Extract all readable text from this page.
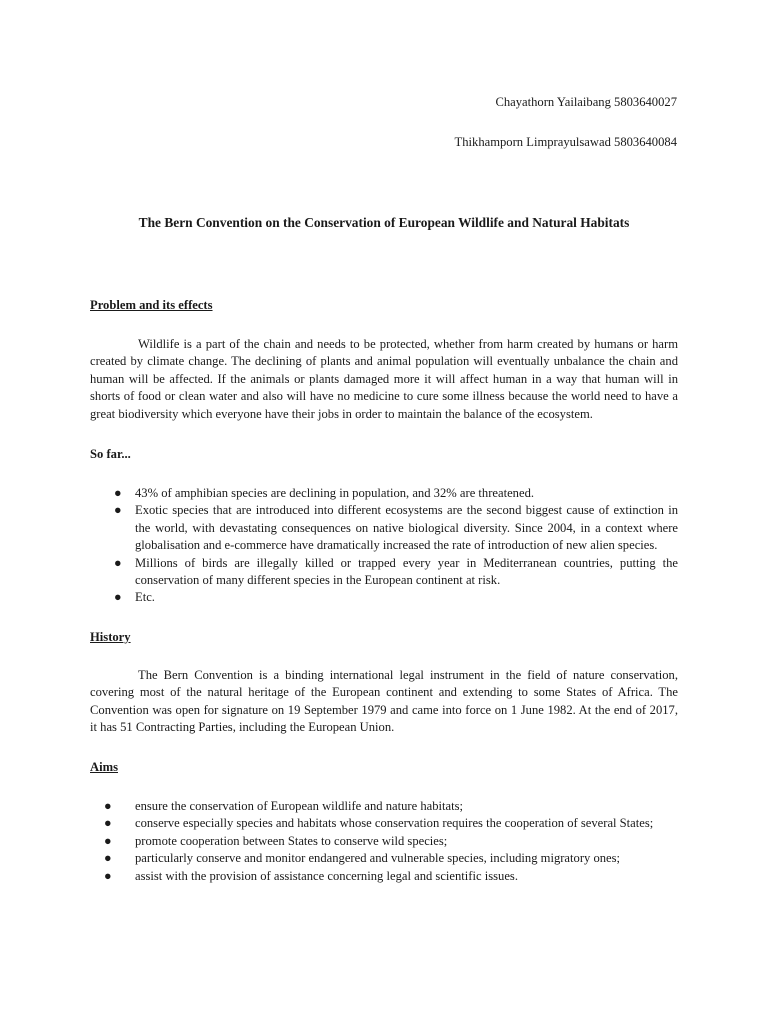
Chayathorn Yailaibang 5803640027
Thikhamporn Limprayulsawad 5803640084
The Bern Convention on the Conservation of European Wildlife and Natural Habitats
Problem and its effects

Wildlife is a part of the chain and needs to be protected, whether from harm created by humans or harm created by climate change. The declining of plants and animal population will eventually unbalance the chain and human will be affected. If the animals or plants damaged more it will affect human in a way that human will in shorts of food or clean water and also will have no medicine to cure some illness because the world need to have a great biodiversity which everyone have their jobs in order to maintain the balance of the ecosystem.

So far...
● 43% of amphibian species are declining in population, and 32% are threatened.
● Exotic species that are introduced into different ecosystems are the second biggest cause of extinction in the world, with devastating consequences on native biological diversity. Since 2004, in a context where globalisation and e-commerce have dramatically increased the rate of introduction of new alien species.
● Millions of birds are illegally killed or trapped every year in Mediterranean countries, putting the conservation of many different species in the European continent at risk.
● Etc.
History

The Bern Convention is a binding international legal instrument in the field of nature conservation, covering most of the natural heritage of the European continent and extending to some States of Africa. The Convention was open for signature on 19 September 1979 and came into force on 1 June 1982. At the end of 2017, it has 51 Contracting Parties, including the European Union.

Aims
● ensure the conservation of European wildlife and nature habitats;
● conserve especially species and habitats whose conservation requires the cooperation of several States;
● promote cooperation between States to conserve wild species;
● particularly conserve and monitor endangered and vulnerable species, including migratory ones;
● assist with the provision of assistance concerning legal and scientific issues.
